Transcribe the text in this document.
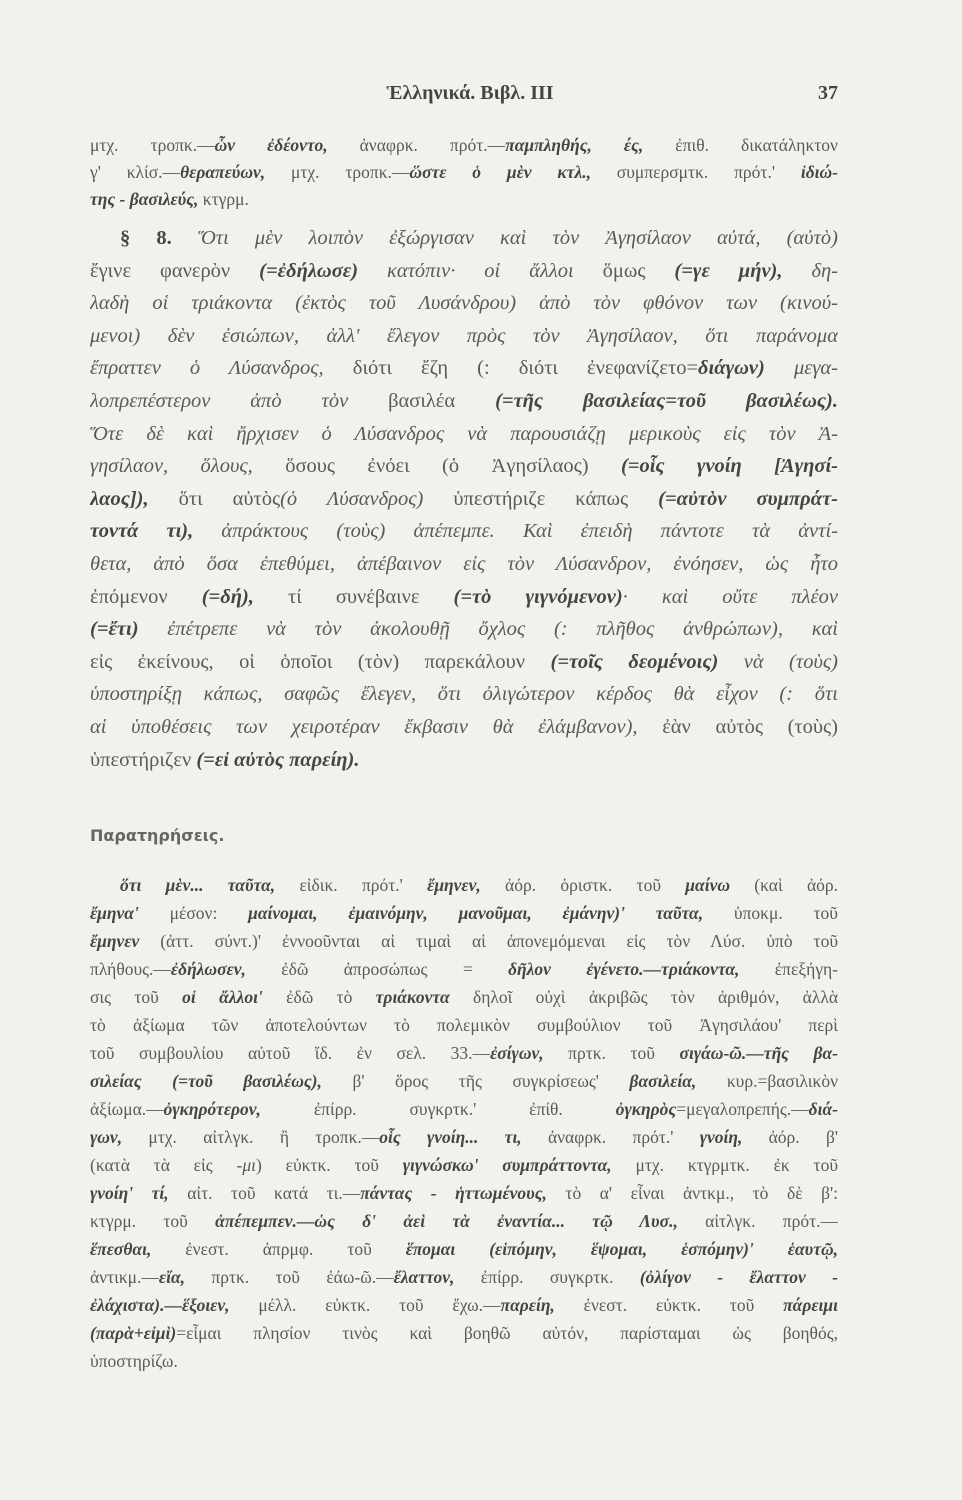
Ἑλληνικά. Βιβλ. III	37
μτχ. τροπκ.—ὧν ἐδέοντο, ἀναφρκ. πρότ.—παμπληθής, ές, ἐπιθ. δικατάληκτον
γ' κλίσ.—θεραπεύων, μτχ. τροπκ.—ὥστε ὁ μὲν κτλ., συμπερσμτκ. πρότ.' ἰδιώ-
της - βασιλεύς, κτγρμ.
§ 8. Ὅτι μὲν λοιπὸν ἐξώργισαν καὶ τὸν Ἀγησίλαον αὐτά, (αὐτὸ)
ἔγινε φανερὸν (=ἐδήλωσε) κατόπιν· οἱ ἄλλοι ὅμως (=γε μήν), δη-
λαδὴ οἱ τριάκοντα (ἐκτὸς τοῦ Λυσάνδρου) ἀπὸ τὸν φθόνον των (κινού-
μενοι) δὲν ἐσιώπων, ἀλλ' ἔλεγον πρὸς τὸν Ἀγησίλαον, ὅτι παράνομα
ἔπραττεν ὁ Λύσανδρος, διότι ἔζη (: διότι ἐνεφανίζετο=διάγων) μεγα-
λοπρεπέστερον ἀπὸ τὸν βασιλέα (=τῆς βασιλείας=τοῦ βασιλέως).
Ὅτε δὲ καὶ ἤρχισεν ὁ Λύσανδρος νὰ παρουσιάζῃ μερικοὺς εἰς τὸν Ἀ-
γησίλαον, ὅλους, ὅσους ἐνόει (ὁ Ἀγησίλαος) (=οἷς γνοίη [Ἀγησί-
λαος]), ὅτι αὐτὸς(ὁ Λύσανδρος) ὑπεστήριζε κάπως (=αὐτὸν συμπράτ-
τοντά τι), ἀπράκτους (τοὺς) ἀπέπεμπε. Καὶ ἐπειδὴ πάντοτε τὰ ἀντί-
θετα, ἀπὸ ὅσα ἐπεθύμει, ἀπέβαινον εἰς τὸν Λύσανδρον, ἐνόησεν, ὡς ἦτο
ἐπόμενον (=δή), τί συνέβαινε (=τὸ γιγνόμενον)· καὶ οὔτε πλέον
(=ἔτι) ἐπέτρεπε νὰ τὸν ἀκολουθῇ ὄχλος (: πλῆθος ἀνθρώπων), καὶ
εἰς ἐκείνους, οἱ ὁποῖοι (τὸν) παρεκάλουν (=τοῖς δεομένοις) νὰ (τοὺς)
ὑποστηρίξῃ κάπως, σαφῶς ἔλεγεν, ὅτι ὀλιγώτερον κέρδος θὰ εἶχον (: ὅτι
αἱ ὑποθέσεις των χειροτέραν ἔκβασιν θὰ ἐλάμβανον), ἐὰν αὐτὸς (τοὺς)
ὑπεστήριζεν (=εἰ αὐτὸς παρείη).
Παρατηρήσεις.
ὅτι μὲν... ταῦτα, εἰδικ. πρότ.' ἔμηνεν, ἀόρ. ὁριστκ. τοῦ μαίνω (καὶ ἀόρ.
ἔμηνα' μέσον: μαίνομαι, ἐμαινόμην, μανοῦμαι, ἐμάνην)' ταῦτα, ὑποκμ. τοῦ
ἔμηνεν (ἀττ. σύντ.)' ἐννοοῦνται αἱ τιμαὶ αἱ ἀπονεμόμεναι εἰς τὸν Λύσ. ὑπὸ τοῦ
πλήθους.—ἐδήλωσεν, ἐδῶ ἀπροσώπως = δῆλον ἐγένετο.—τριάκοντα, ἐπεξήγη-
σις τοῦ οἱ ἄλλοι' ἐδῶ τὸ τριάκοντα δηλοῖ οὐχὶ ἀκριβῶς τὸν ἀριθμόν, ἀλλὰ
τὸ ἀξίωμα τῶν ἀποτελούντων τὸ πολεμικὸν συμβούλιον τοῦ Ἀγησιλάου' περὶ
τοῦ συμβουλίου αὐτοῦ ἴδ. ἐν σελ. 33.—ἐσίγων, πρτκ. τοῦ σιγάω-ῶ.—τῆς βα-
σιλείας (=τοῦ βασιλέως), β' ὅρος τῆς συγκρίσεως' βασιλεία, κυρ.=βασιλικὸν
ἀξίωμα.—ὀγκηρότερον, ἐπίρρ. συγκρτκ.' ἐπίθ. ὀγκηρὸς=μεγαλοπρεπής.—διά-
γων, μτχ. αἰτλγκ. ἢ τροπκ.—οἷς γνοίη... τι, ἀναφρκ. πρότ.' γνοίη, ἀόρ. β'
(κατὰ τὰ εἰς -μι) εὐκτκ. τοῦ γιγνώσκω' συμπράττοντα, μτχ. κτγρμτκ. ἐκ τοῦ
γνοίη' τί, αἰτ. τοῦ κατά τι.—πάντας - ἡττωμένους, τὸ α' εἶναι ἀντκμ., τὸ δὲ β':
κτγρμ. τοῦ ἀπέπεμπεν.—ὡς δ' ἀεὶ τὰ ἐναντία... τῷ Λυσ., αἰτλγκ. πρότ.—
ἕπεσθαι, ἐνεστ. ἀπρμφ. τοῦ ἕπομαι (εἱπόμην, ἕψομαι, ἑσπόμην)' ἑαυτῷ,
ἀντικμ.—εἴα, πρτκ. τοῦ ἐάω-ῶ.—ἔλαττον, ἐπίρρ. συγκρτκ. (ὀλίγον - ἔλαττον -
ἐλάχιστα).—ἕξοιεν, μέλλ. εὐκτκ. τοῦ ἔχω.—παρείη, ἐνεστ. εὐκτκ. τοῦ πάρειμι
(παρὰ+εἰμὶ)=εἶμαι πλησίον τινὸς καὶ βοηθῶ αὐτόν, παρίσταμαι ὡς βοηθός,
ὑποστηρίζω.
